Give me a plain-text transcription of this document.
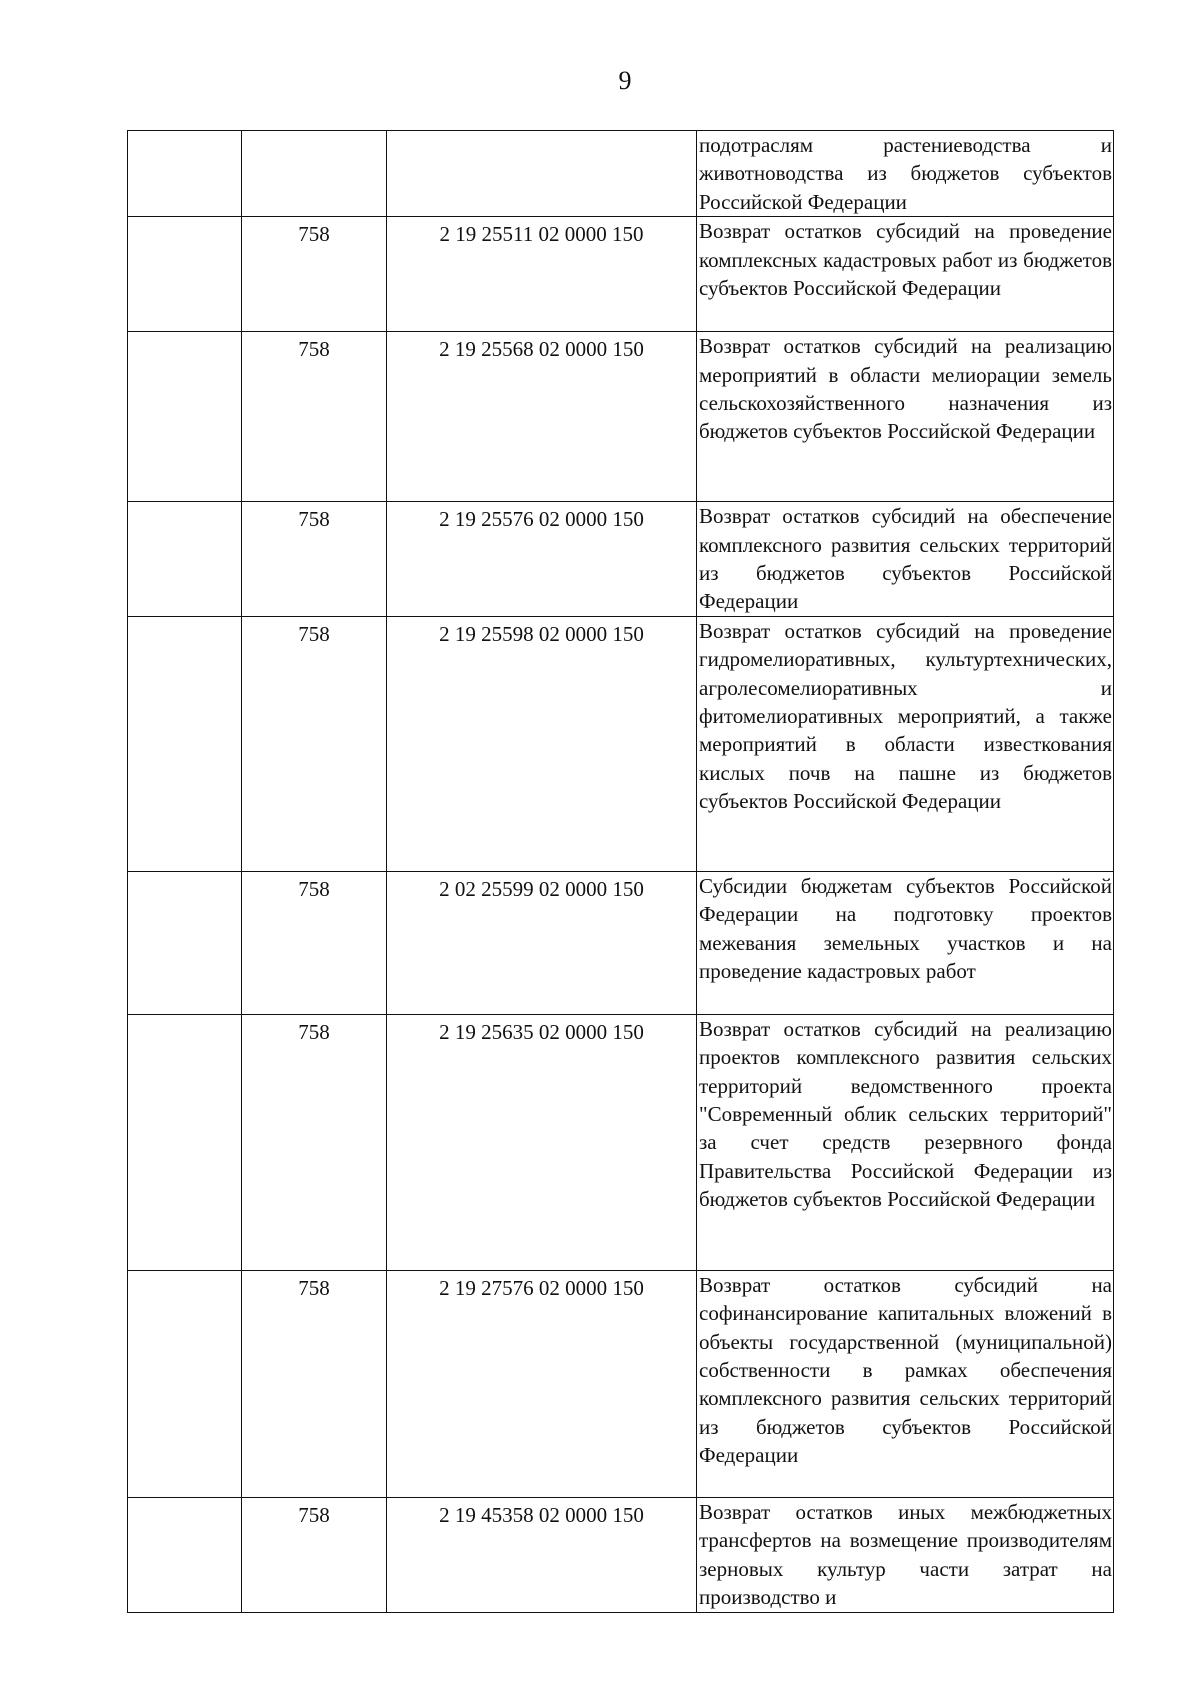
9

			подотраслям растениеводства и животноводства из бюджетов субъектов Российской Федерации

	758	2 19 25511 02 0000 150	Возврат остатков субсидий на проведение комплексных кадастровых работ из бюджетов субъектов Российской Федерации

	758	2 19 25568 02 0000 150	Возврат остатков субсидий на реализацию мероприятий в области мелиорации земель сельскохозяйственного назначения из бюджетов субъектов Российской Федерации

	758	2 19 25576 02 0000 150	Возврат остатков субсидий на обеспечение комплексного развития сельских территорий из бюджетов субъектов Российской Федерации

	758	2 19 25598 02 0000 150	Возврат остатков субсидий на проведение гидромелиоративных, культуртехнических, агролесомелиоративных и фитомелиоративных мероприятий, а также мероприятий в области известкования кислых почв на пашне из бюджетов субъектов Российской Федерации

	758	2 02 25599 02 0000 150	Субсидии бюджетам субъектов Российской Федерации на подготовку проектов межевания земельных участков и на проведение кадастровых работ

	758	2 19 25635 02 0000 150	Возврат остатков субсидий на реализацию проектов комплексного развития сельских территорий ведомственного проекта "Современный облик сельских территорий" за счет средств резервного фонда Правительства Российской Федерации из бюджетов субъектов Российской Федерации

	758	2 19 27576 02 0000 150	Возврат остатков субсидий на софинансирование капитальных вложений в объекты государственной (муниципальной) собственности в рамках обеспечения комплексного развития сельских территорий из бюджетов субъектов Российской Федерации

	758	2 19 45358 02 0000 150	Возврат остатков иных межбюджетных трансфертов на возмещение производителям зерновых культур части затрат на производство и
